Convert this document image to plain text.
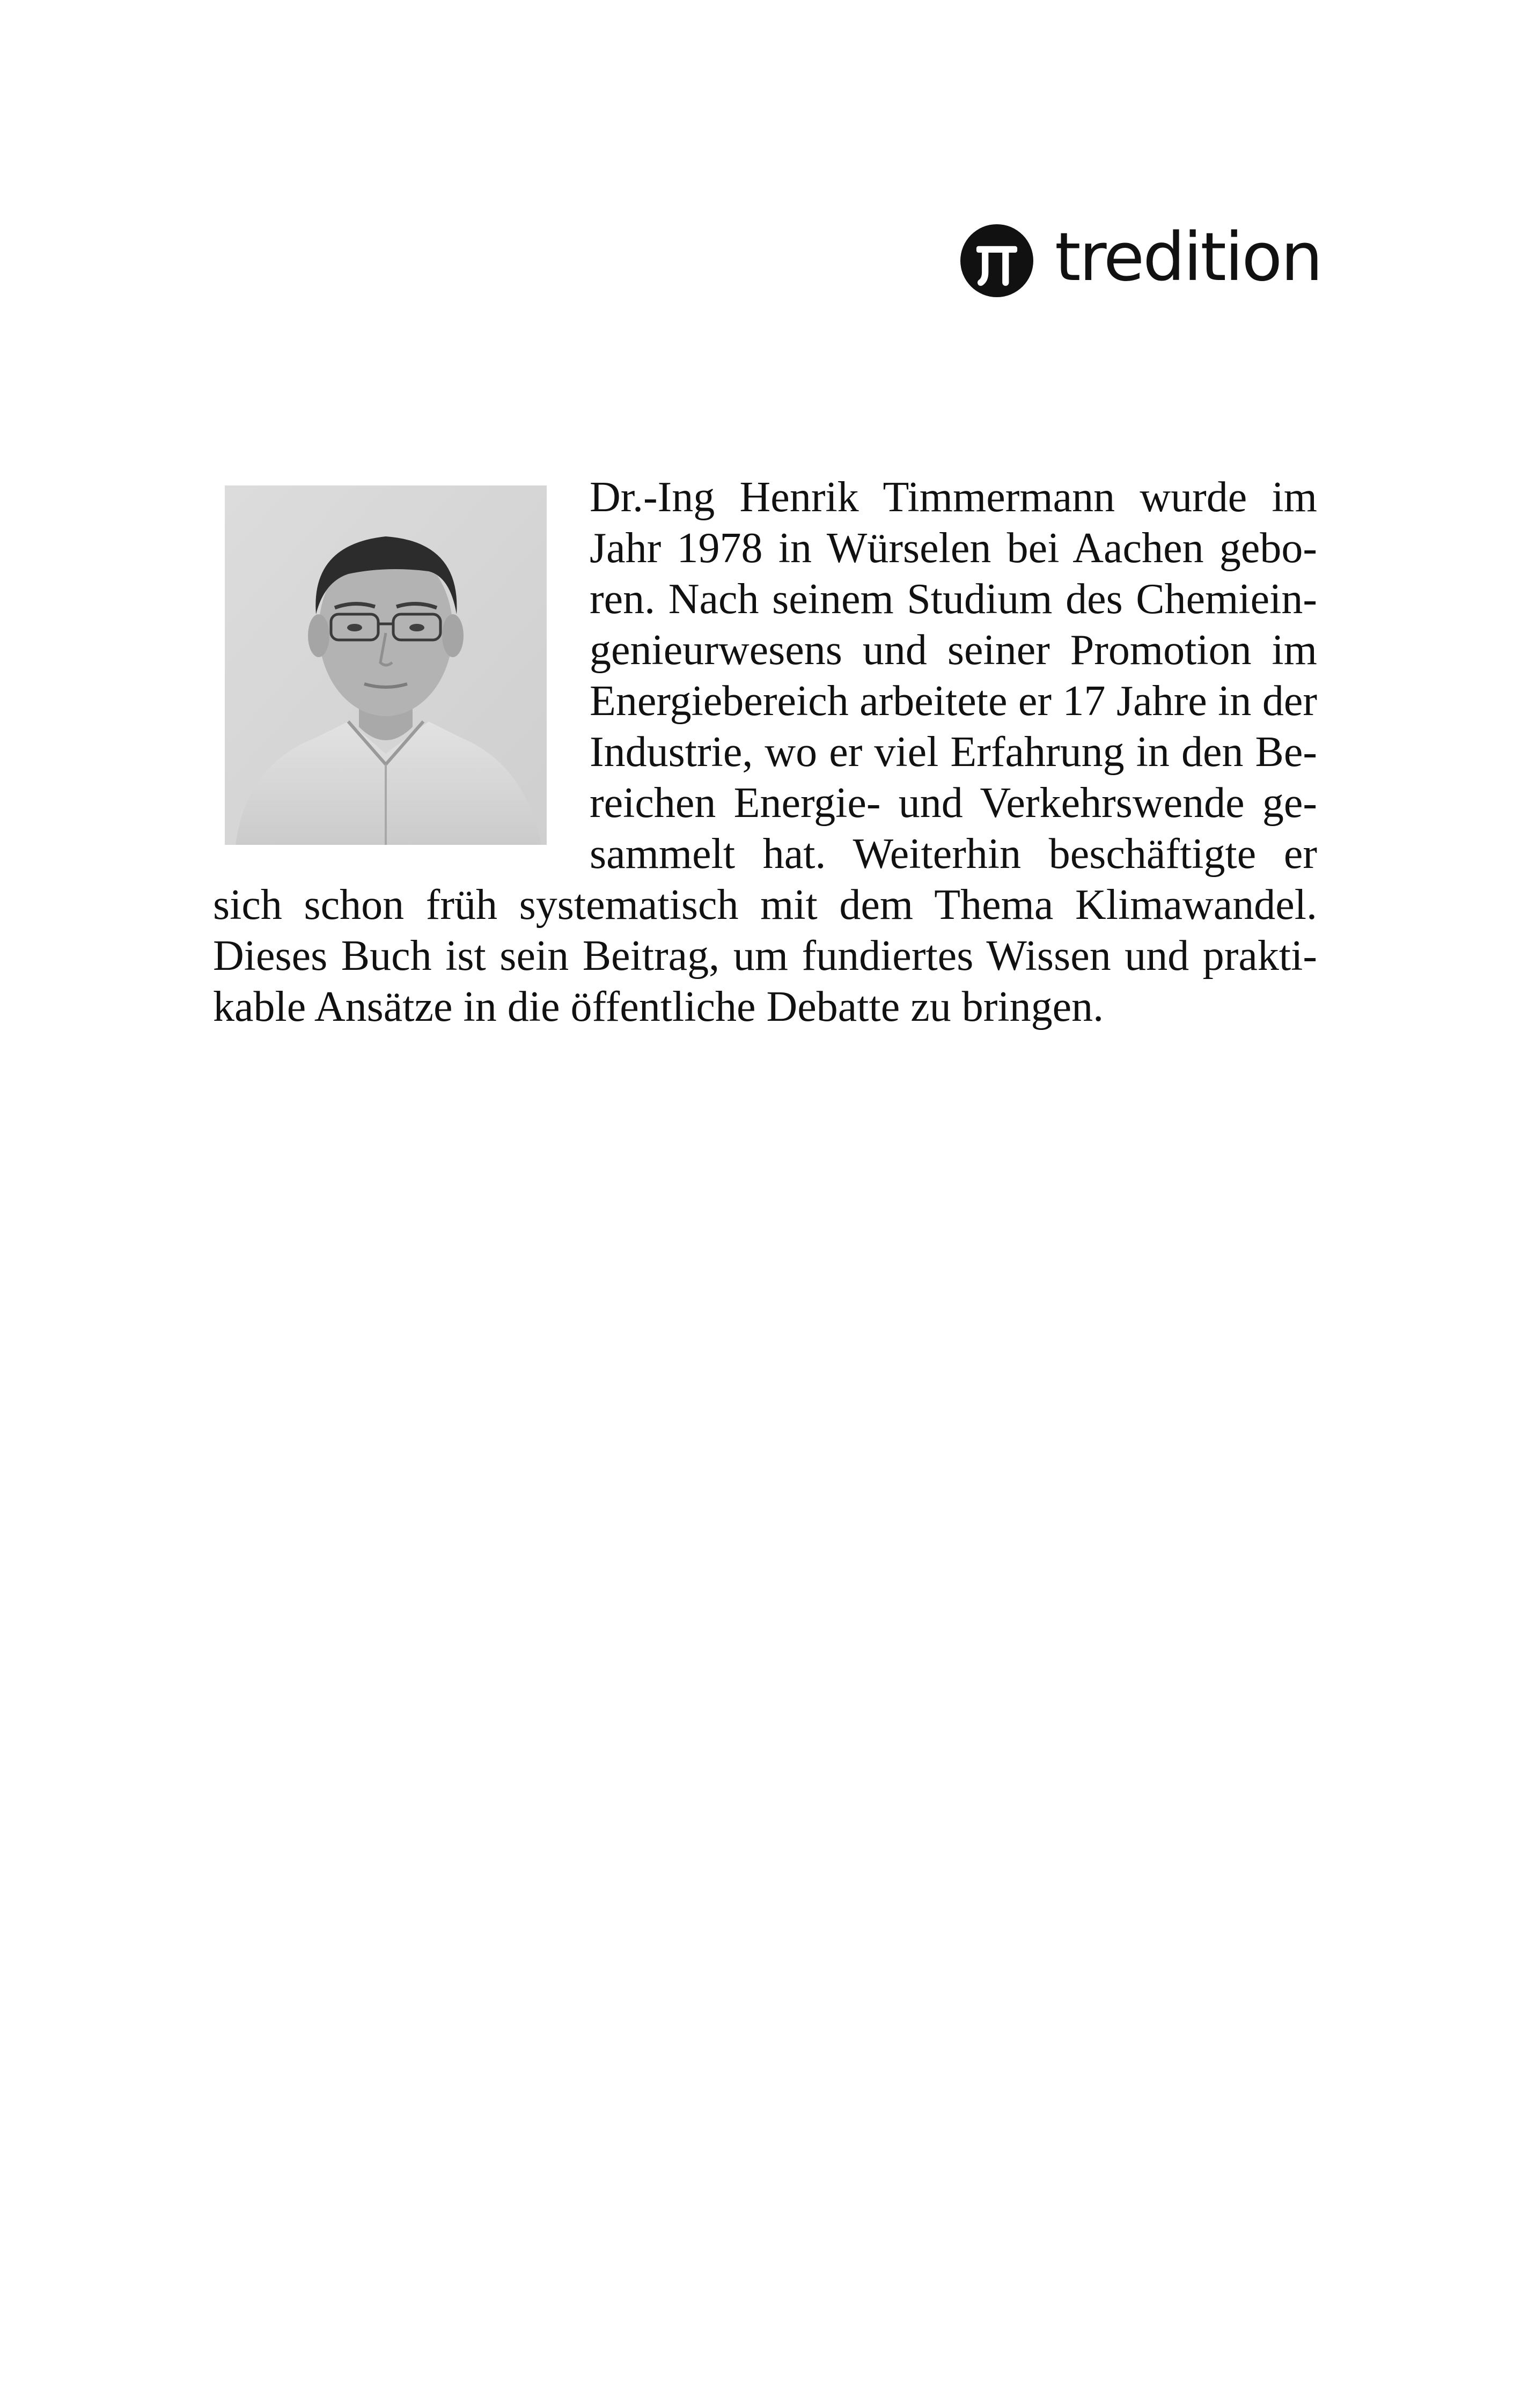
tredition

Dr.-Ing Henrik Timmermann wurde im Jahr 1978 in Würselen bei Aachen geboren. Nach seinem Studium des Chemieingenieurwesens und seiner Promotion im Energiebereich arbeitete er 17 Jahre in der Industrie, wo er viel Erfahrung in den Bereichen Energie- und Verkehrswende gesammelt hat. Weiterhin beschäftigte er sich schon früh systematisch mit dem Thema Klimawandel. Dieses Buch ist sein Beitrag, um fundiertes Wissen und praktikable Ansätze in die öffentliche Debatte zu bringen.
